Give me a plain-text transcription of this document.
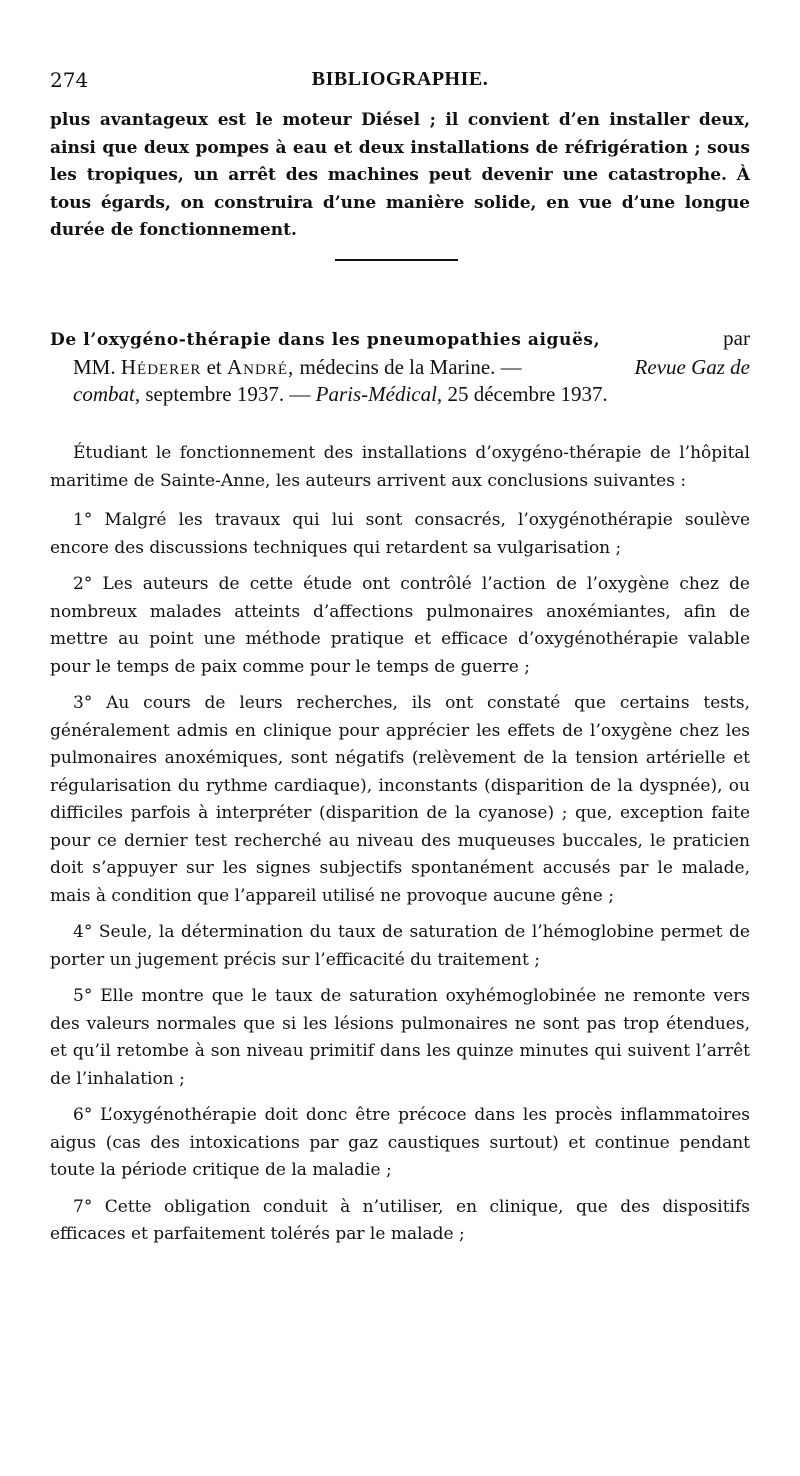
274	BIBLIOGRAPHIE.
plus avantageux est le moteur Diésel ; il convient d’en installer deux, ainsi que deux pompes à eau et deux installations de réfrigération ; sous les tropiques, un arrêt des machines peut devenir une catastrophe. À tous égards, on construira d’une manière solide, en vue d’une longue durée de fonctionnement.
De l’oxygéno-thérapie dans les pneumopathies aiguës,	par
MM. Héderer et André, médecins de la Marine. —	Revue Gaz de
combat, septembre 1937. — Paris-Médical, 25 décembre 1937.

Étudiant le fonctionnement des installations d’oxygéno-thérapie de l’hôpital maritime de Sainte-Anne, les auteurs arrivent aux conclusions suivantes :

1° Malgré les travaux qui lui sont consacrés, l’oxygénothérapie soulève encore des discussions techniques qui retardent sa vulgarisation ;

2° Les auteurs de cette étude ont contrôlé l’action de l’oxygène chez de nombreux malades atteints d’affections pulmonaires anoxémiantes, afin de mettre au point une méthode pratique et efficace d’oxygénothérapie valable pour le temps de paix comme pour le temps de guerre ;

3° Au cours de leurs recherches, ils ont constaté que certains tests, généralement admis en clinique pour apprécier les effets de l’oxygène chez les pulmonaires anoxémiques, sont négatifs (relèvement de la tension artérielle et régularisation du rythme cardiaque), inconstants (disparition de la dyspnée), ou difficiles parfois à interpréter (disparition de la cyanose) ; que, exception faite pour ce dernier test recherché au niveau des muqueuses buccales, le praticien doit s’appuyer sur les signes subjectifs spontanément accusés par le malade, mais à condition que l’appareil utilisé ne provoque aucune gêne ;

4° Seule, la détermination du taux de saturation de l’hémoglobine permet de porter un jugement précis sur l’efficacité du traitement ;

5° Elle montre que le taux de saturation oxyhémoglobinée ne remonte vers des valeurs normales que si les lésions pulmonaires ne sont pas trop étendues, et qu’il retombe à son niveau primitif dans les quinze minutes qui suivent l’arrêt de l’inhalation ;

6° L’oxygénothérapie doit donc être précoce dans les procès inflammatoires aigus (cas des intoxications par gaz caustiques surtout) et continue pendant toute la période critique de la maladie ;

7° Cette obligation conduit à n’utiliser, en clinique, que des dispositifs efficaces et parfaitement tolérés par le malade ;
